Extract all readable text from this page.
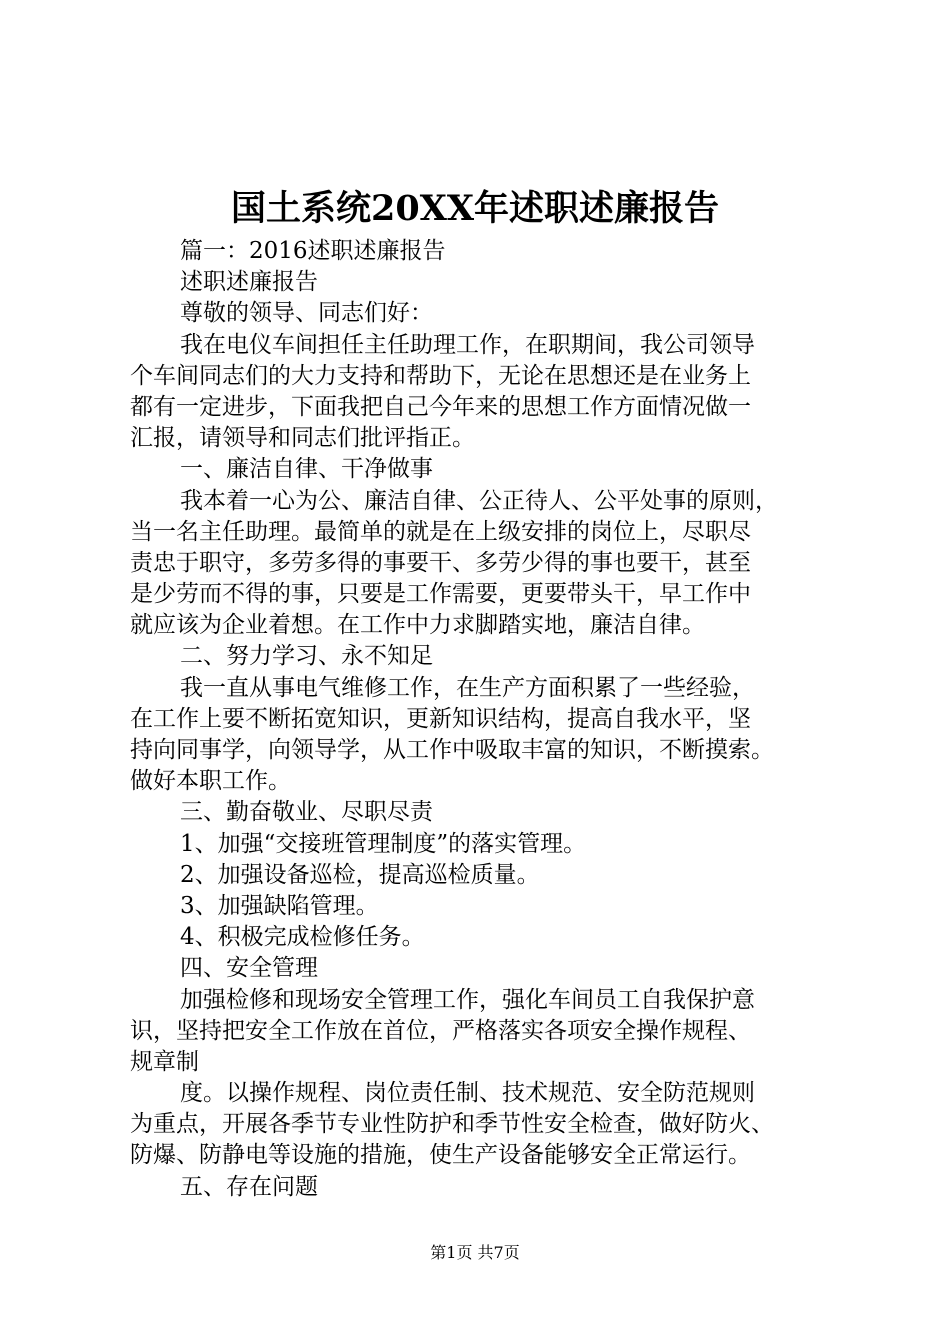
国土系统20XX年述职述廉报告
篇一：2016述职述廉报告
述职述廉报告
尊敬的领导、同志们好：
我在电仪车间担任主任助理工作，在职期间，我公司领导
个车间同志们的大力支持和帮助下，无论在思想还是在业务上
都有一定进步，下面我把自己今年来的思想工作方面情况做一
汇报，请领导和同志们批评指正。
一、廉洁自律、干净做事
我本着一心为公、廉洁自律、公正待人、公平处事的原则，
当一名主任助理。最简单的就是在上级安排的岗位上，尽职尽
责忠于职守，多劳多得的事要干、多劳少得的事也要干，甚至
是少劳而不得的事，只要是工作需要，更要带头干，早工作中
就应该为企业着想。在工作中力求脚踏实地，廉洁自律。
二、努力学习、永不知足
我一直从事电气维修工作，在生产方面积累了一些经验，
在工作上要不断拓宽知识，更新知识结构，提高自我水平，坚
持向同事学，向领导学，从工作中吸取丰富的知识，不断摸索。
做好本职工作。
三、勤奋敬业、尽职尽责
1、加强“交接班管理制度”的落实管理。
2、加强设备巡检，提高巡检质量。
3、加强缺陷管理。
4、积极完成检修任务。
四、安全管理
加强检修和现场安全管理工作，强化车间员工自我保护意
识，坚持把安全工作放在首位，严格落实各项安全操作规程、
规章制
度。以操作规程、岗位责任制、技术规范、安全防范规则
为重点，开展各季节专业性防护和季节性安全检查，做好防火、
防爆、防静电等设施的措施，使生产设备能够安全正常运行。
五、存在问题
第1页 共7页
